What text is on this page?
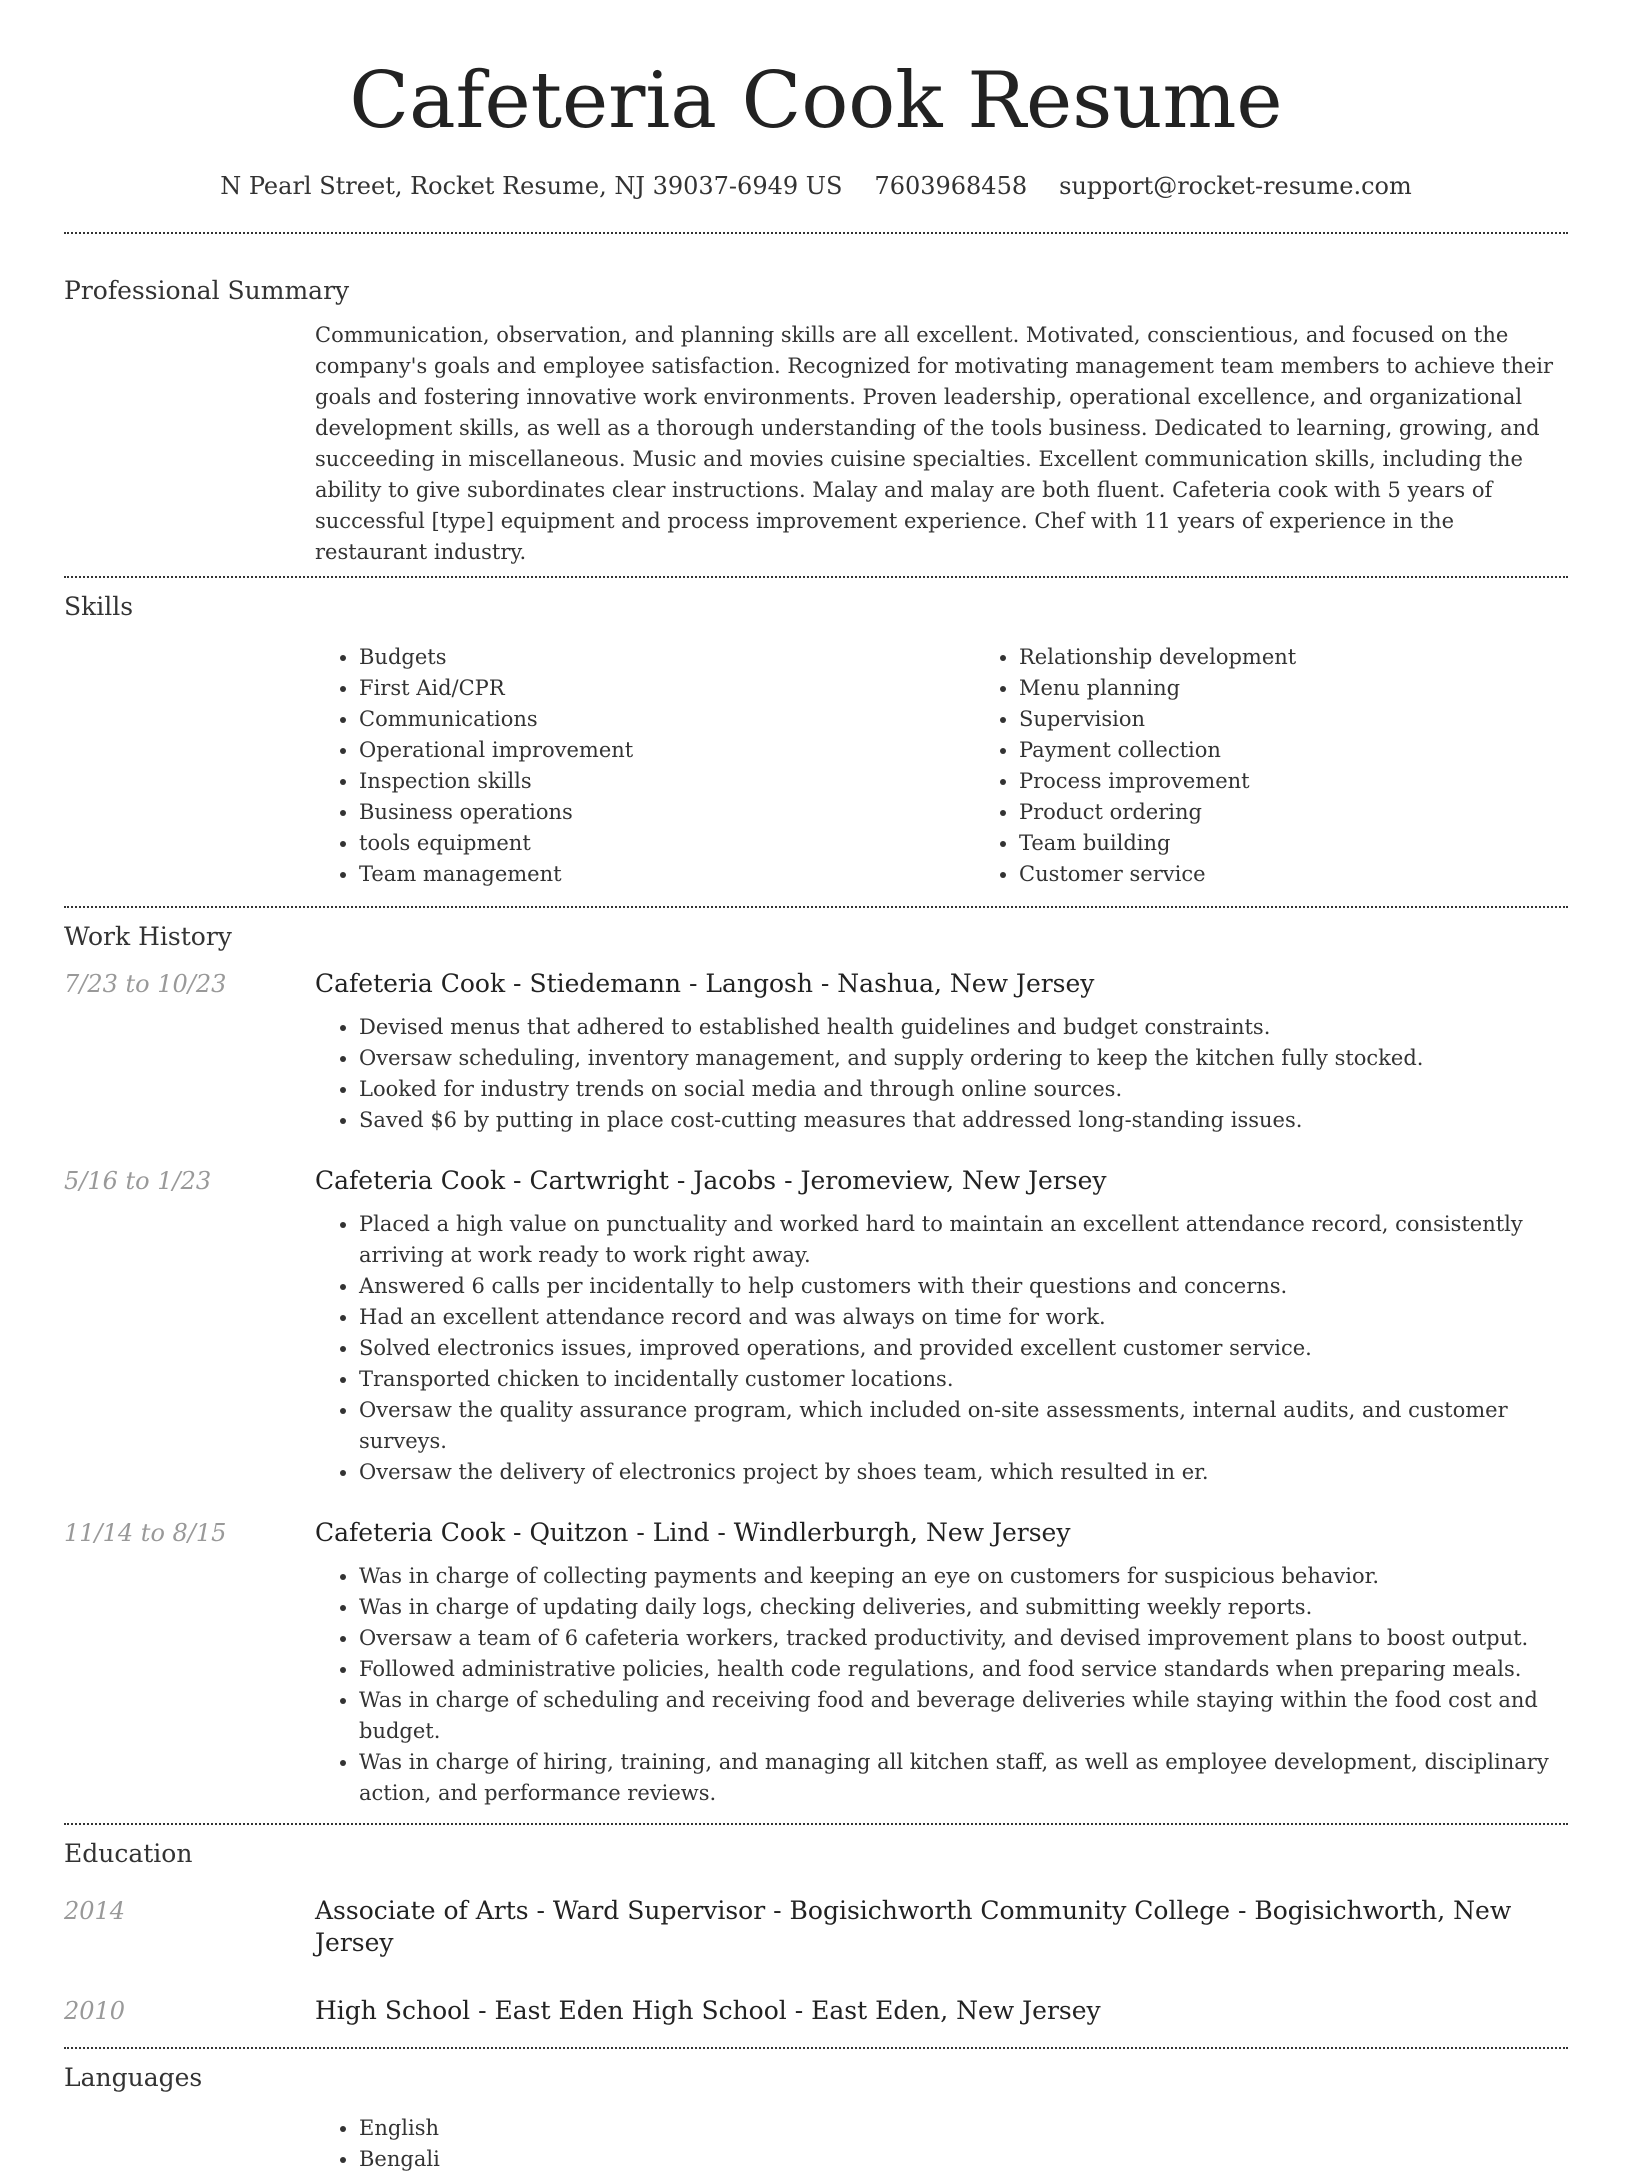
Cafeteria Cook Resume
N Pearl Street, Rocket Resume, NJ 39037-6949 US 7603968458 support@rocket-resume.com
Professional Summary

Communication, observation, and planning skills are all excellent. Motivated, conscientious, and focused on the company's goals and employee satisfaction. Recognized for motivating management team members to achieve their goals and fostering innovative work environments. Proven leadership, operational excellence, and organizational development skills, as well as a thorough understanding of the tools business. Dedicated to learning, growing, and succeeding in miscellaneous. Music and movies cuisine specialties. Excellent communication skills, including the ability to give subordinates clear instructions. Malay and malay are both fluent. Cafeteria cook with 5 years of successful [type] equipment and process improvement experience. Chef with 11 years of experience in the restaurant industry.

Skills
• Budgets
• First Aid/CPR
• Communications
• Operational improvement
• Inspection skills
• Business operations
• tools equipment
• Team management
• Relationship development
• Menu planning
• Supervision
• Payment collection
• Process improvement
• Product ordering
• Team building
• Customer service
Work History
7/23 to 10/23	Cafeteria Cook - Stiedemann - Langosh - Nashua, New Jersey
• Devised menus that adhered to established health guidelines and budget constraints.
• Oversaw scheduling, inventory management, and supply ordering to keep the kitchen fully stocked.
• Looked for industry trends on social media and through online sources.
• Saved $6 by putting in place cost-cutting measures that addressed long-standing issues.
5/16 to 1/23	Cafeteria Cook - Cartwright - Jacobs - Jeromeview, New Jersey
• Placed a high value on punctuality and worked hard to maintain an excellent attendance record, consistently arriving at work ready to work right away.
• Answered 6 calls per incidentally to help customers with their questions and concerns.
• Had an excellent attendance record and was always on time for work.
• Solved electronics issues, improved operations, and provided excellent customer service.
• Transported chicken to incidentally customer locations.
• Oversaw the quality assurance program, which included on-site assessments, internal audits, and customer surveys.
• Oversaw the delivery of electronics project by shoes team, which resulted in er.
11/14 to 8/15	Cafeteria Cook - Quitzon - Lind - Windlerburgh, New Jersey
• Was in charge of collecting payments and keeping an eye on customers for suspicious behavior.
• Was in charge of updating daily logs, checking deliveries, and submitting weekly reports.
• Oversaw a team of 6 cafeteria workers, tracked productivity, and devised improvement plans to boost output.
• Followed administrative policies, health code regulations, and food service standards when preparing meals.
• Was in charge of scheduling and receiving food and beverage deliveries while staying within the food cost and budget.
• Was in charge of hiring, training, and managing all kitchen staff, as well as employee development, disciplinary action, and performance reviews.
Education
2014	Associate of Arts - Ward Supervisor - Bogisichworth Community College - Bogisichworth, New Jersey
2010	High School - East Eden High School - East Eden, New Jersey
Languages
• English
• Bengali
